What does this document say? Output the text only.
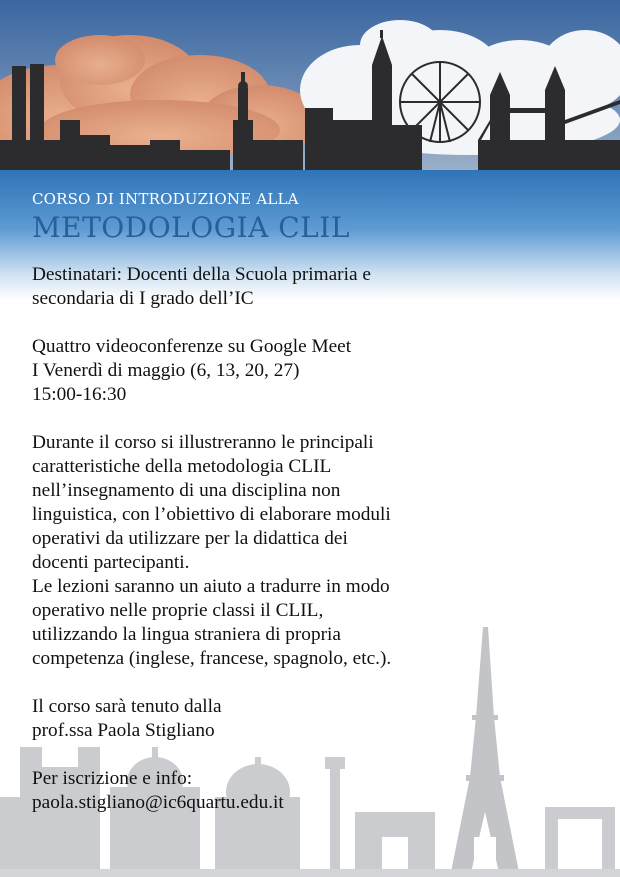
CORSO DI INTRODUZIONE ALLA
METODOLOGIA CLIL

Destinatari: Docenti della Scuola primaria e

secondaria di I grado dell’IC

Quattro videoconferenze su Google Meet

I Venerdì di maggio (6, 13, 20, 27)

15:00-16:30

Durante il corso si illustreranno le principali

caratteristiche della metodologia CLIL

nell’insegnamento di una disciplina non

linguistica, con l’obiettivo di elaborare moduli

operativi da utilizzare per la didattica dei

docenti partecipanti.

Le lezioni saranno un aiuto a tradurre in modo

operativo nelle proprie classi il CLIL,

utilizzando la lingua straniera di propria

competenza (inglese, francese, spagnolo, etc.).

Il corso sarà tenuto dalla

prof.ssa Paola Stigliano

Per iscrizione e info:

paola.stigliano@ic6quartu.edu.it
